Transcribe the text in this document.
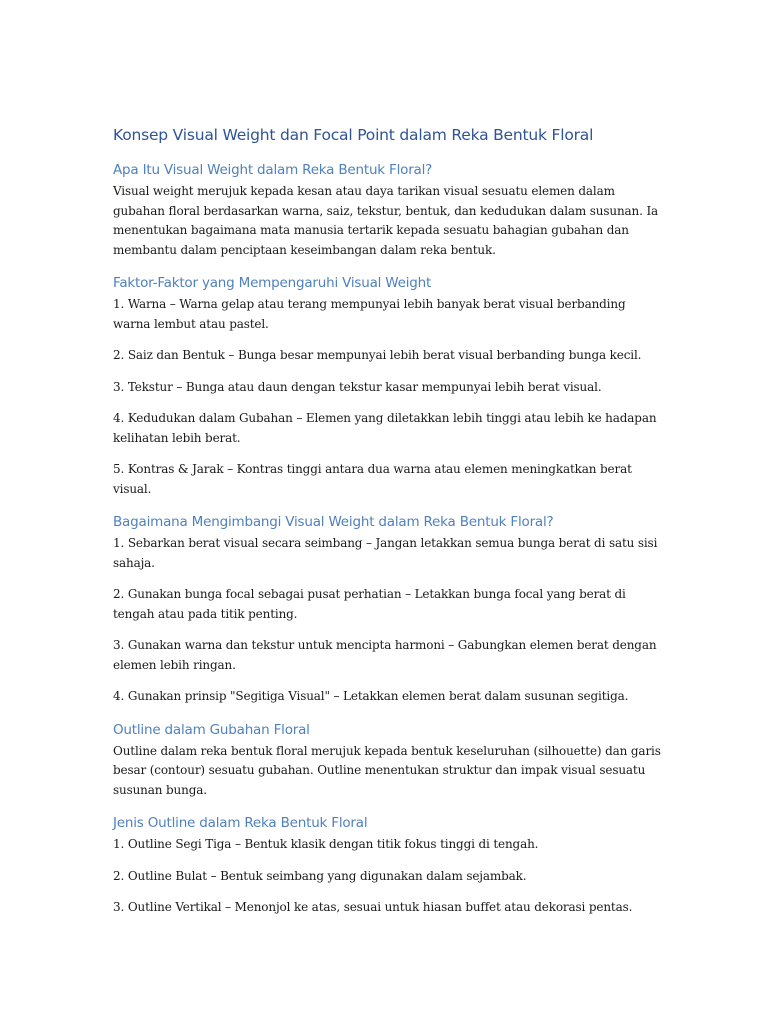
Konsep Visual Weight dan Focal Point dalam Reka Bentuk Floral
Apa Itu Visual Weight dalam Reka Bentuk Floral?

Visual weight merujuk kepada kesan atau daya tarikan visual sesuatu elemen dalam gubahan floral berdasarkan warna, saiz, tekstur, bentuk, dan kedudukan dalam susunan. Ia menentukan bagaimana mata manusia tertarik kepada sesuatu bahagian gubahan dan membantu dalam penciptaan keseimbangan dalam reka bentuk.

Faktor-Faktor yang Mempengaruhi Visual Weight

1. Warna – Warna gelap atau terang mempunyai lebih banyak berat visual berbanding warna lembut atau pastel.

2. Saiz dan Bentuk – Bunga besar mempunyai lebih berat visual berbanding bunga kecil.

3. Tekstur – Bunga atau daun dengan tekstur kasar mempunyai lebih berat visual.

4. Kedudukan dalam Gubahan – Elemen yang diletakkan lebih tinggi atau lebih ke hadapan kelihatan lebih berat.

5. Kontras & Jarak – Kontras tinggi antara dua warna atau elemen meningkatkan berat visual.

Bagaimana Mengimbangi Visual Weight dalam Reka Bentuk Floral?

1. Sebarkan berat visual secara seimbang – Jangan letakkan semua bunga berat di satu sisi sahaja.

2. Gunakan bunga focal sebagai pusat perhatian – Letakkan bunga focal yang berat di tengah atau pada titik penting.

3. Gunakan warna dan tekstur untuk mencipta harmoni – Gabungkan elemen berat dengan elemen lebih ringan.

4. Gunakan prinsip "Segitiga Visual" – Letakkan elemen berat dalam susunan segitiga.

Outline dalam Gubahan Floral

Outline dalam reka bentuk floral merujuk kepada bentuk keseluruhan (silhouette) dan garis besar (contour) sesuatu gubahan. Outline menentukan struktur dan impak visual sesuatu susunan bunga.

Jenis Outline dalam Reka Bentuk Floral

1. Outline Segi Tiga – Bentuk klasik dengan titik fokus tinggi di tengah.

2. Outline Bulat – Bentuk seimbang yang digunakan dalam sejambak.

3. Outline Vertikal – Menonjol ke atas, sesuai untuk hiasan buffet atau dekorasi pentas.
